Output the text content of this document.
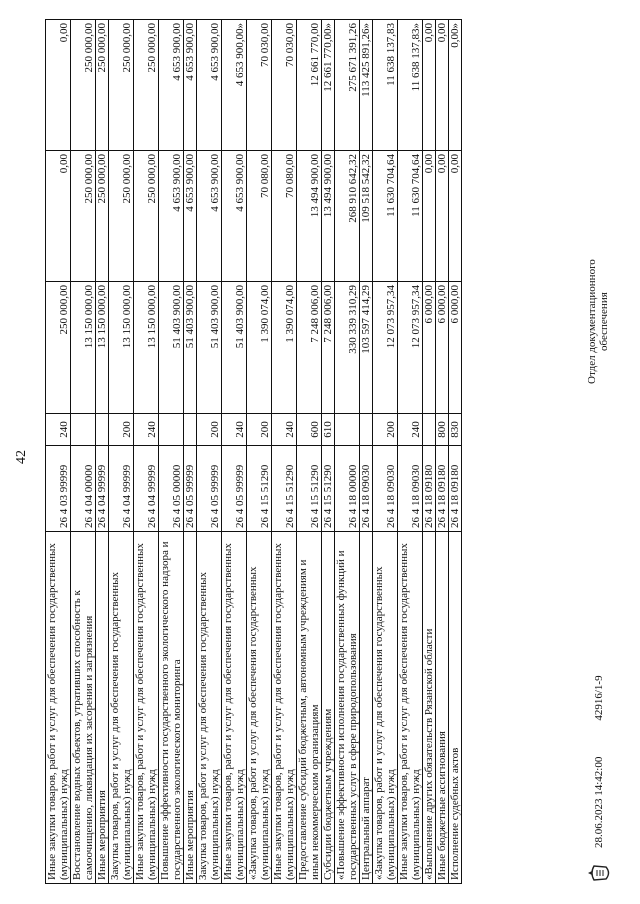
42
Иные закупки товаров, работ и услуг для обеспечения государственных (муниципальных) нужд	26 4 03 99999	240	250 000,00	0,00	0,00
Восстановление водных объектов, утративших способность к самоочищению, ликвидация их засорения и загрязнения	26 4 04 00000		13 150 000,00	250 000,00	250 000,00
Иные мероприятия	26 4 04 99999		13 150 000,00	250 000,00	250 000,00
Закупка товаров, работ и услуг для обеспечения государственных (муниципальных) нужд	26 4 04 99999	200	13 150 000,00	250 000,00	250 000,00
Иные закупки товаров, работ и услуг для обеспечения государственных (муниципальных) нужд	26 4 04 99999	240	13 150 000,00	250 000,00	250 000,00
Повышение эффективности государственного экологического надзора и государственного экологического мониторинга	26 4 05 00000		51 403 900,00	4 653 900,00	4 653 900,00
Иные мероприятия	26 4 05 99999		51 403 900,00	4 653 900,00	4 653 900,00
Закупка товаров, работ и услуг для обеспечения государственных (муниципальных) нужд	26 4 05 99999	200	51 403 900,00	4 653 900,00	4 653 900,00
Иные закупки товаров, работ и услуг для обеспечения государственных (муниципальных) нужд	26 4 05 99999	240	51 403 900,00	4 653 900,00	4 653 900,00»
«Закупка товаров, работ и услуг для обеспечения государственных (муниципальных) нужд	26 4 15 51290	200	1 390 074,00	70 080,00	70 030,00
Иные закупки товаров, работ и услуг для обеспечения государственных (муниципальных) нужд	26 4 15 51290	240	1 390 074,00	70 080,00	70 030,00
Предоставление субсидий бюджетным, автономным учреждениям и иным некоммерческим организациям	26 4 15 51290	600	7 248 006,00	13 494 900,00	12 661 770,00
Субсидии бюджетным учреждениям	26 4 15 51290	610	7 248 006,00	13 494 900,00	12 661 770,00»
«Повышение эффективности исполнения государственных функций и государственных услуг в сфере природопользования	26 4 18 00000		330 339 310,29	268 910 642,32	275 671 391,26
Центральный аппарат	26 4 18 09030		103 597 414,29	109 518 542,32	113 425 891,26»
«Закупка товаров, работ и услуг для обеспечения государственных (муниципальных) нужд	26 4 18 09030	200	12 073 957,34	11 630 704,64	11 638 137,83
Иные закупки товаров, работ и услуг для обеспечения государственных (муниципальных) нужд	26 4 18 09030	240	12 073 957,34	11 630 704,64	11 638 137,83»
«Выполнение других обязательств Рязанской области	26 4 18 09180		6 000,00	0,00	0,00
Иные бюджетные ассигнования	26 4 18 09180	800	6 000,00	0,00	0,00
Исполнение судебных актов	26 4 18 09180	830	6 000,00	0,00	0,00»
28.06.2023 14:42:00
42916/1-9
Отдел документационного обеспечения
